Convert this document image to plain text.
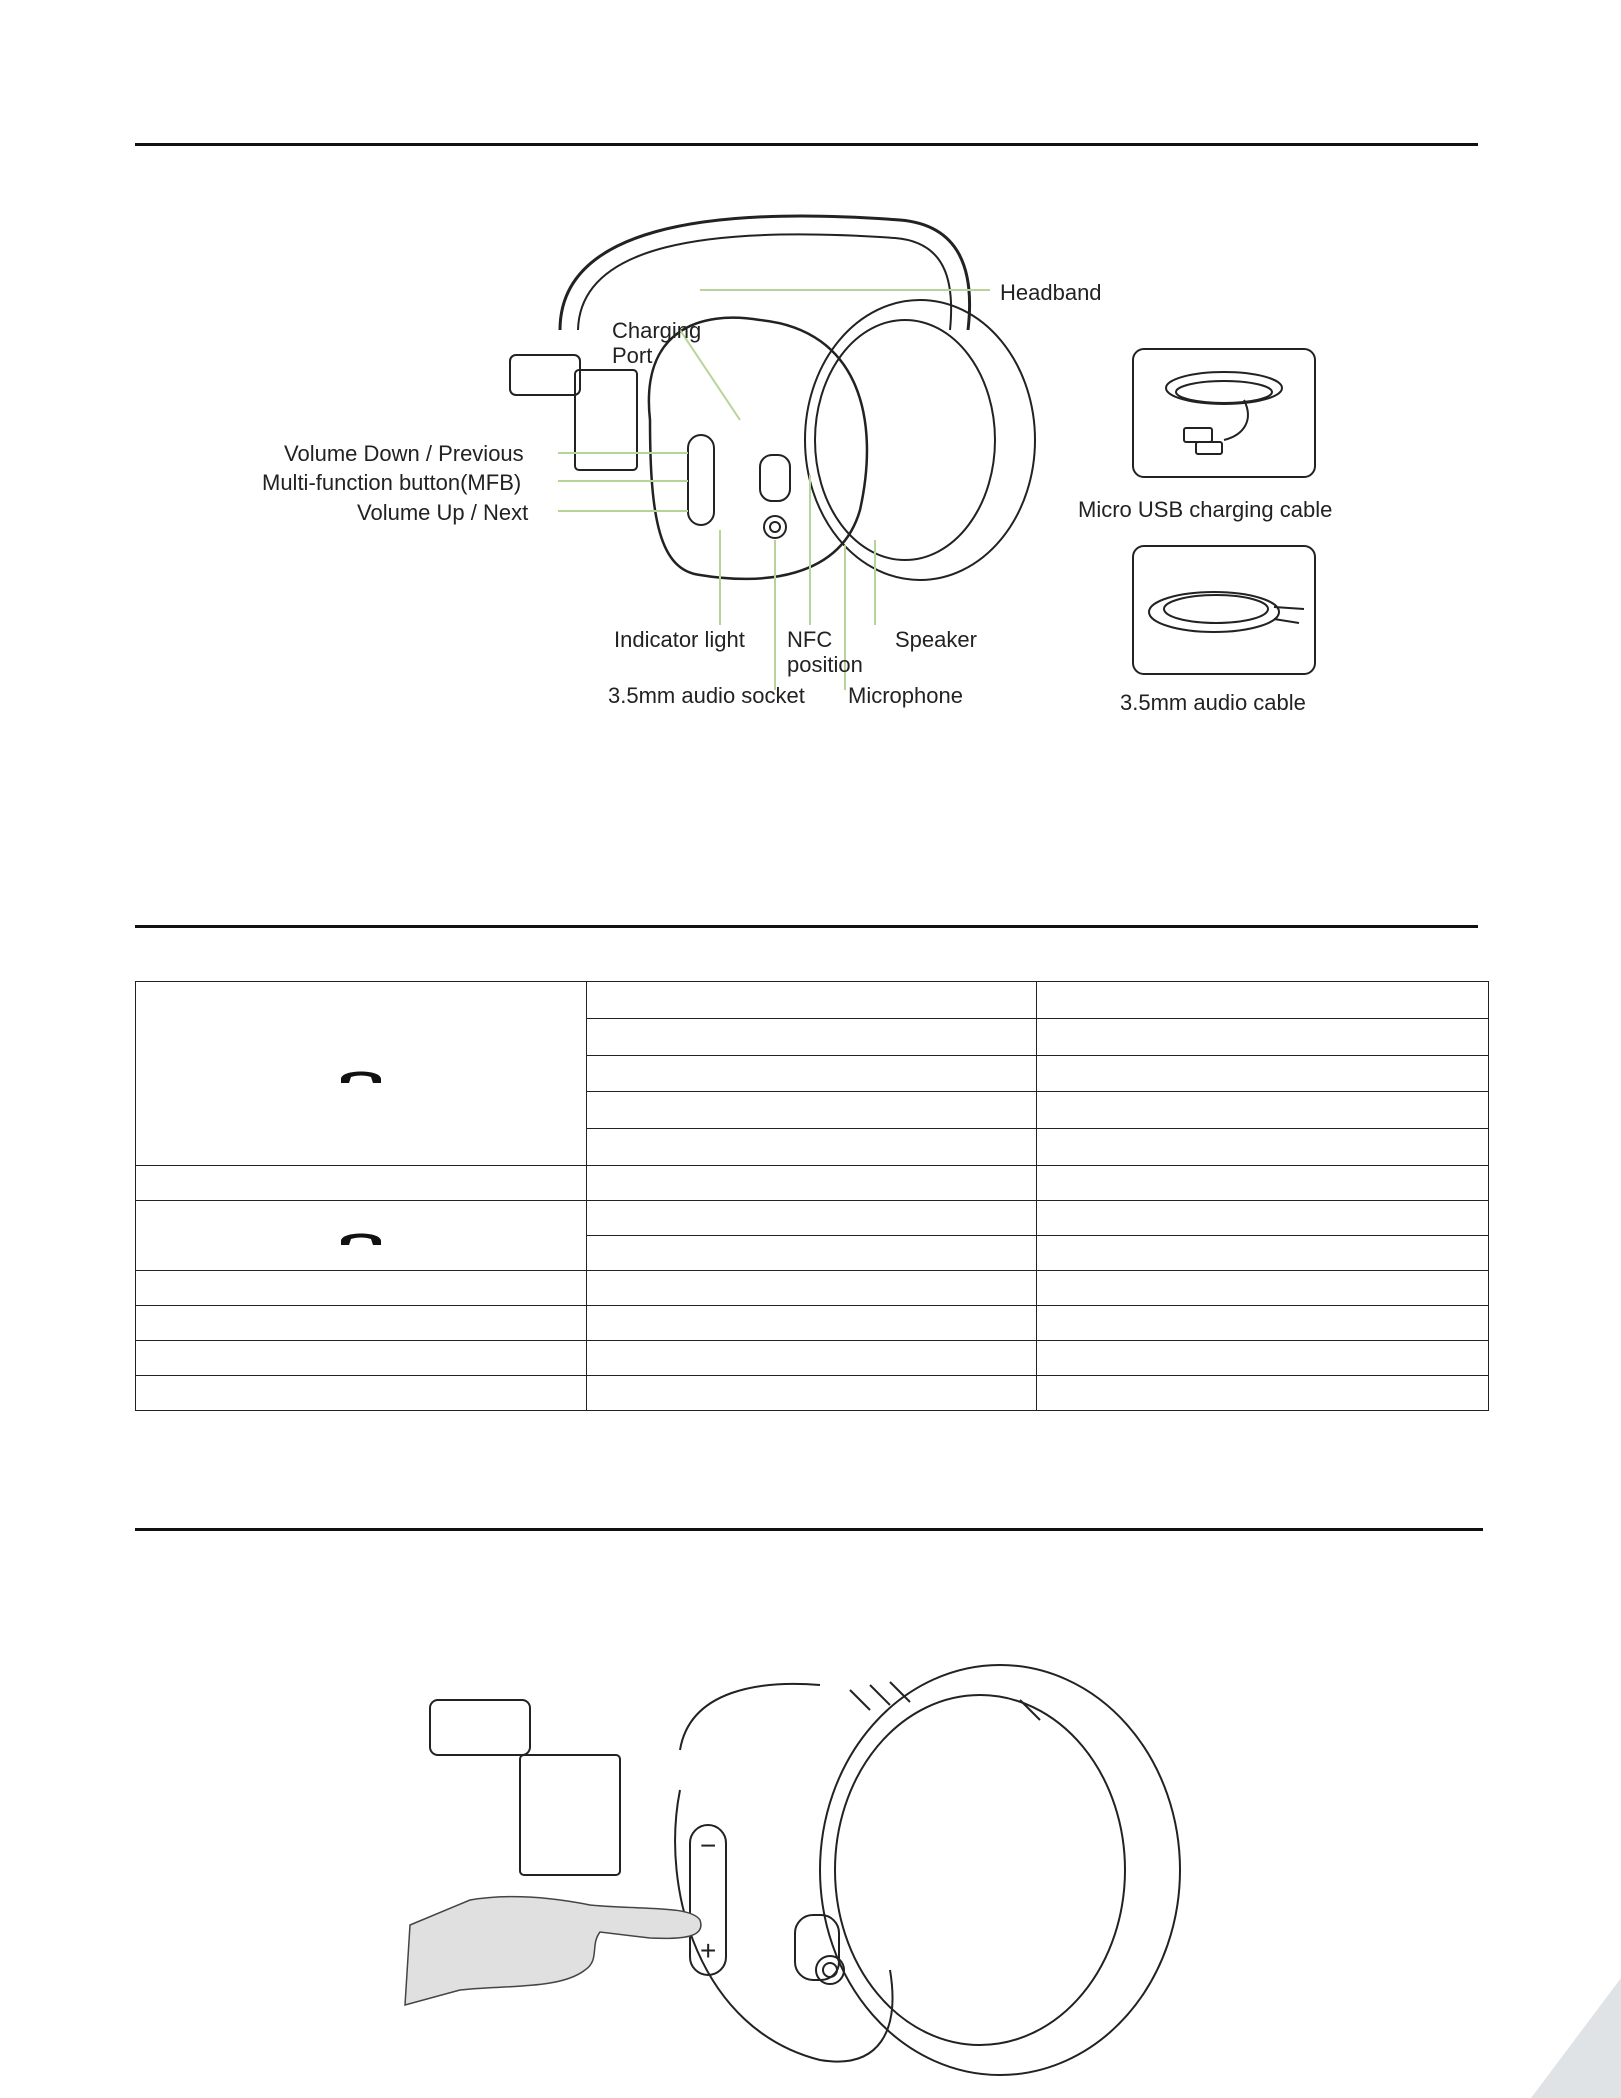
Headband
Charging
Port
Volume Down / Previous
Multi-function button(MFB)
Volume Up / Next
Indicator light NFC
position
Speaker
3.5mm audio socket Microphone
Micro USB charging cable
3.5mm audio cable

−
+
